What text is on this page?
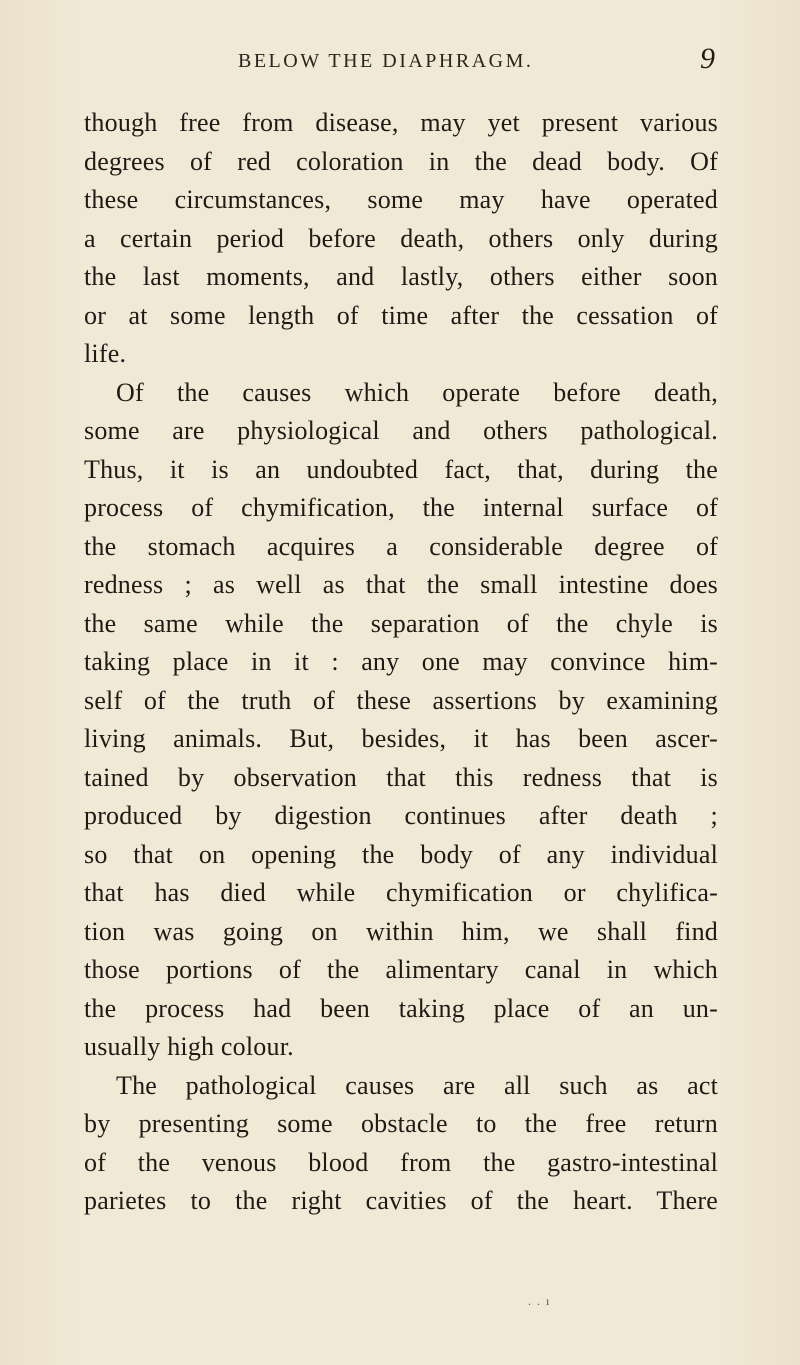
BELOW THE DIAPHRAGM.	9
though free from disease, may yet present various
degrees of red coloration in the dead body. Of
these circumstances, some may have operated
a certain period before death, others only during
the last moments, and lastly, others either soon
or at some length of time after the cessation of
life.
Of the causes which operate before death,
some are physiological and others pathological.
Thus, it is an undoubted fact, that, during the
process of chymification, the internal surface of
the stomach acquires a considerable degree of
redness ; as well as that the small intestine does
the same while the separation of the chyle is
taking place in it : any one may convince him-
self of the truth of these assertions by examining
living animals. But, besides, it has been ascer-
tained by observation that this redness that is
produced by digestion continues after death ;
so that on opening the body of any individual
that has died while chymification or chylifica-
tion was going on within him, we shall find
those portions of the alimentary canal in which
the process had been taking place of an un-
usually high colour.
The pathological causes are all such as act
by presenting some obstacle to the free return
of the venous blood from the gastro-intestinal
parietes to the right cavities of the heart. There
.  .  ı
